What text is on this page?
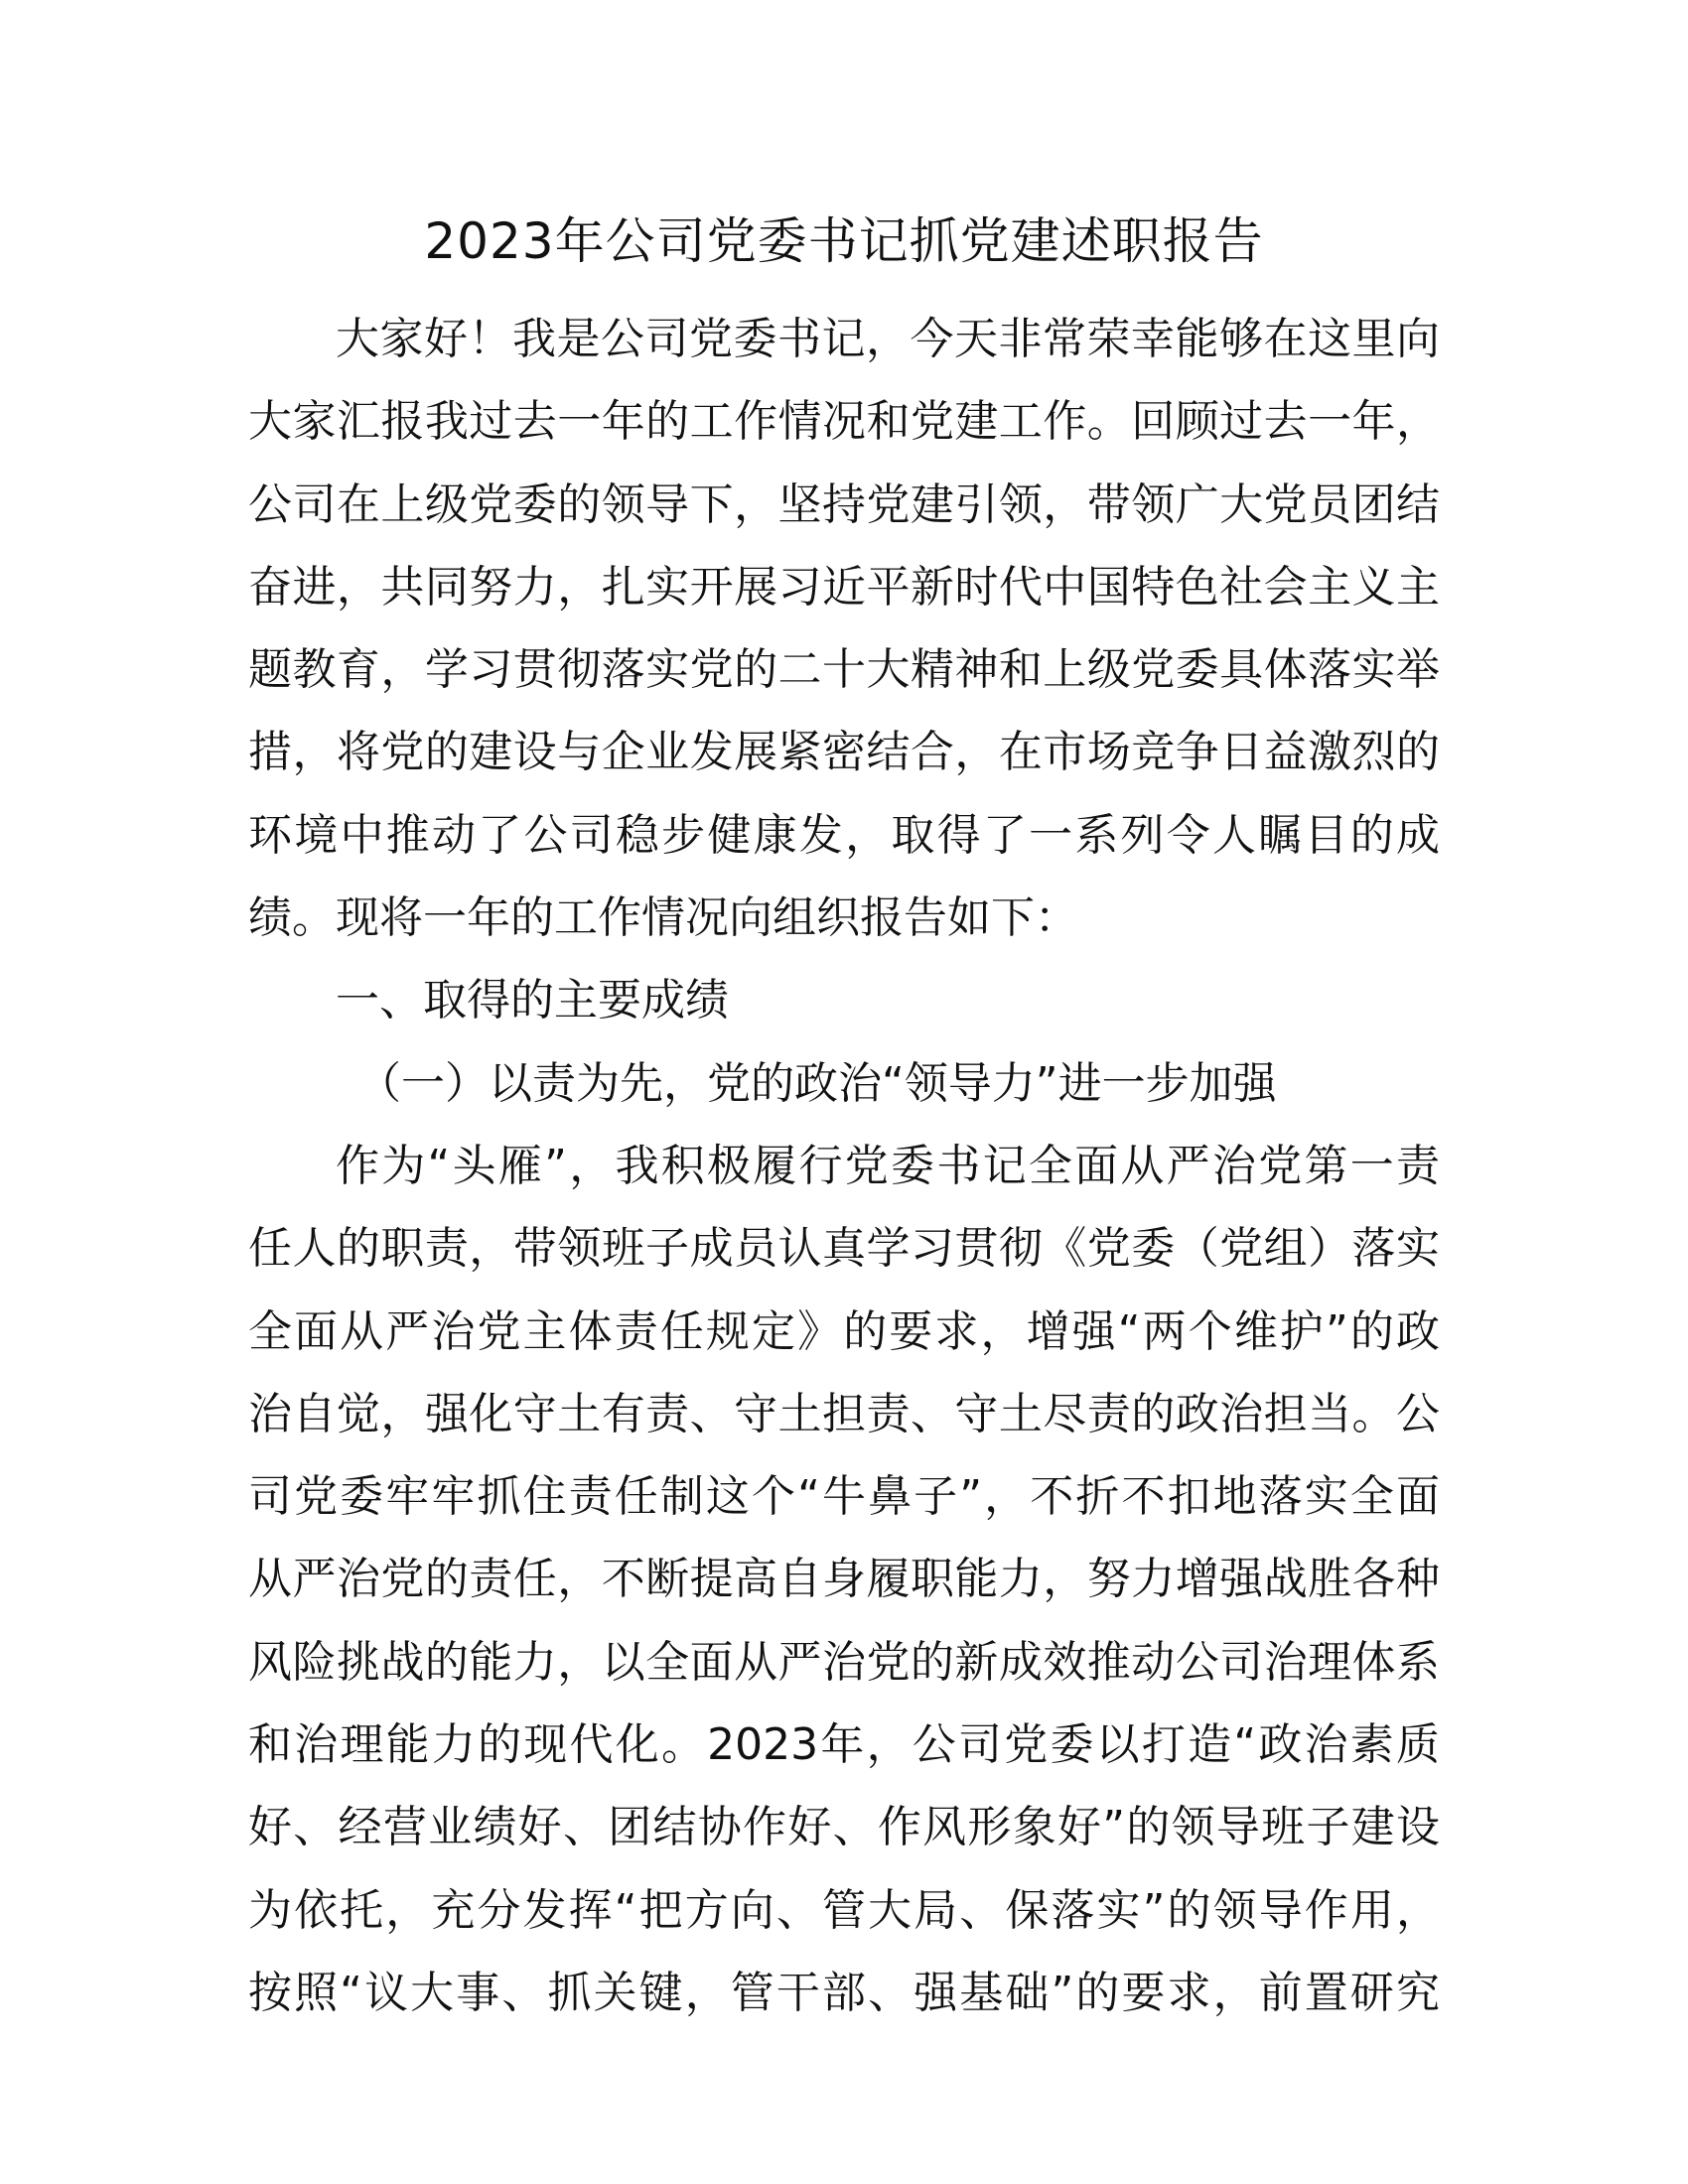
2023年公司党委书记抓党建述职报告
大家好！我是公司党委书记，今天非常荣幸能够在这里向
大家汇报我过去一年的工作情况和党建工作。回顾过去一年，
公司在上级党委的领导下，坚持党建引领，带领广大党员团结
奋进，共同努力，扎实开展习近平新时代中国特色社会主义主
题教育，学习贯彻落实党的二十大精神和上级党委具体落实举
措，将党的建设与企业发展紧密结合，在市场竞争日益激烈的
环境中推动了公司稳步健康发，取得了一系列令人瞩目的成
绩。现将一年的工作情况向组织报告如下：
一、取得的主要成绩
（一）以责为先，党的政治“领导力”进一步加强
作为“头雁”，我积极履行党委书记全面从严治党第一责
任人的职责，带领班子成员认真学习贯彻《党委（党组）落实
全面从严治党主体责任规定》的要求，增强“两个维护”的政
治自觉，强化守土有责、守土担责、守土尽责的政治担当。公
司党委牢牢抓住责任制这个“牛鼻子”，不折不扣地落实全面
从严治党的责任，不断提高自身履职能力，努力增强战胜各种
风险挑战的能力，以全面从严治党的新成效推动公司治理体系
和治理能力的现代化。2023年，公司党委以打造“政治素质
好、经营业绩好、团结协作好、作风形象好”的领导班子建设
为依托，充分发挥“把方向、管大局、保落实”的领导作用，
按照“议大事、抓关键，管干部、强基础”的要求，前置研究
